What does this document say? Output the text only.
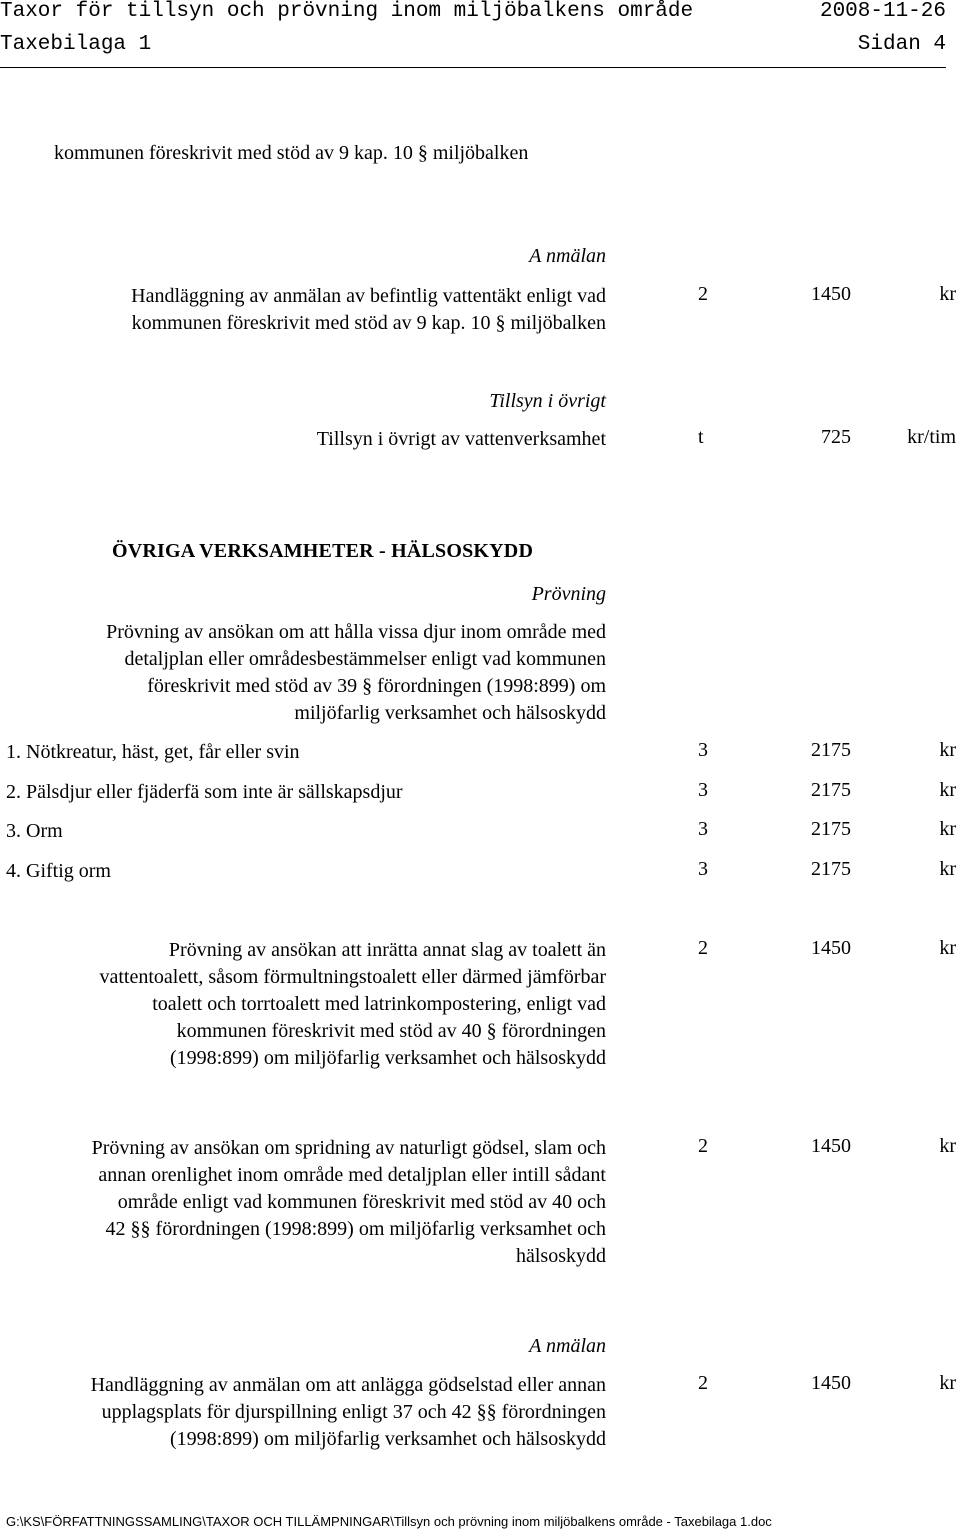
Taxor för tillsyn och prövning inom miljöbalkens område	2008-11-26
Taxebilaga 1	Sidan 4
kommunen föreskrivit med stöd av 9 kap. 10 § miljöbalken
A nmälan
Handläggning av anmälan av befintlig vattentäkt enligt vad
kommunen föreskrivit med stöd av 9 kap. 10 § miljöbalken
2	1450	kr
Tillsyn i övrigt
Tillsyn i övrigt av vattenverksamhet	t	725	kr/tim
ÖVRIGA VERKSAMHETER - HÄLSOSKYDD
Prövning
Prövning av ansökan om att hålla vissa djur inom område med
detaljplan eller områdesbestämmelser enligt vad kommunen
föreskrivit med stöd av 39 § förordningen (1998:899) om
miljöfarlig verksamhet och hälsoskydd
1. Nötkreatur, häst, get, får eller svin	3	2175	kr
2. Pälsdjur eller fjäderfä som inte är sällskapsdjur	3	2175	kr
3. Orm	3	2175	kr
4. Giftig orm	3	2175	kr
Prövning av ansökan att inrätta annat slag av toalett än
vattentoalett, såsom förmultningstoalett eller därmed jämförbar
toalett och torrtoalett med latrinkompostering, enligt vad
kommunen föreskrivit med stöd av 40 § förordningen
(1998:899) om miljöfarlig verksamhet och hälsoskydd
2	1450	kr
Prövning av ansökan om spridning av naturligt gödsel, slam och
annan orenlighet inom område med detaljplan eller intill sådant
område enligt vad kommunen föreskrivit med stöd av 40 och
42 §§ förordningen (1998:899) om miljöfarlig verksamhet och
hälsoskydd
2	1450	kr
A nmälan
Handläggning av anmälan om att anlägga gödselstad eller annan
upplagsplats för djurspillning enligt 37 och 42 §§ förordningen
(1998:899) om miljöfarlig verksamhet och hälsoskydd
2	1450	kr
G:\KS\FÖRFATTNINGSSAMLING\TAXOR OCH TILLÄMPNINGAR\Tillsyn och prövning inom miljöbalkens område - Taxebilaga 1.doc
